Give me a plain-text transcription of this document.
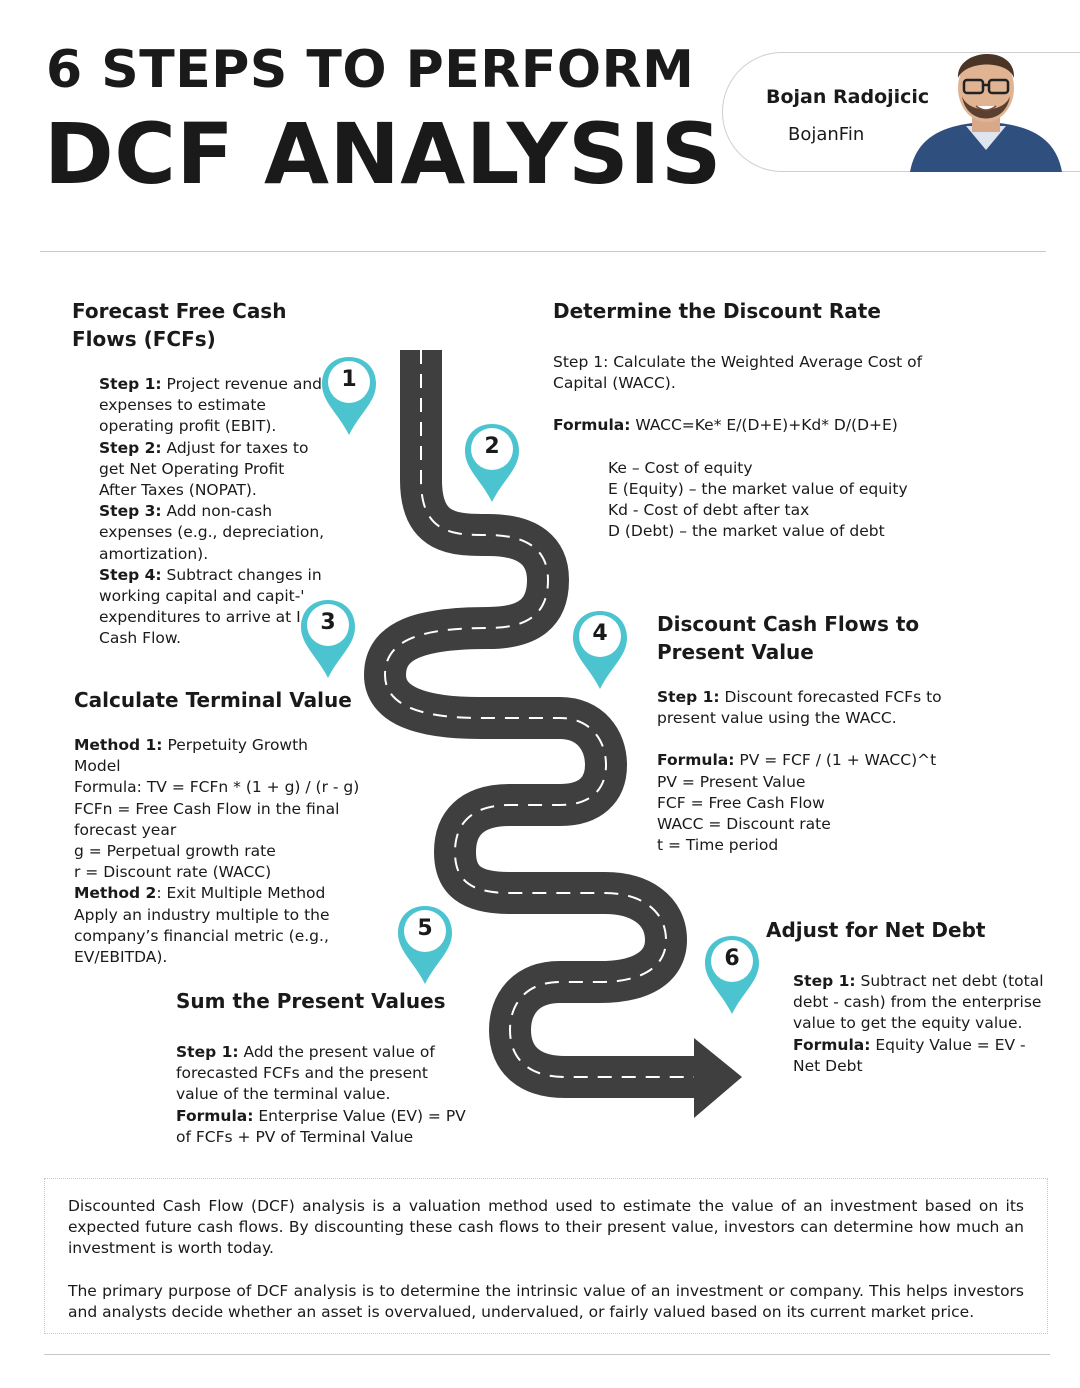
6 STEPS TO PERFORM
DCF ANALYSIS
Bojan Radojicic
BojanFin
1
2
3	4
5
6
Forecast Free Cash
Flows (FCFs)
Step 1: Project revenue and
expenses to estimate
operating profit (EBIT).
Step 2: Adjust for taxes to
get Net Operating Profit
After Taxes (NOPAT).
Step 3: Add non-cash
expenses (e.g., depreciation,
amortization).
Step 4: Subtract changes in
working capital and capit-'
expenditures to arrive at I
Cash Flow.
Determine the Discount Rate
Step 1: Calculate the Weighted Average Cost of
Capital (WACC).
Formula: WACC=Ke* E/(D+E)+Kd* D/(D+E)
Ke – Cost of equity
E (Equity) – the market value of equity
Kd - Cost of debt after tax
D (Debt) – the market value of debt
Calculate Terminal Value
Method 1: Perpetuity Growth
Model
Formula: TV = FCFn * (1 + g) / (r - g)
FCFn = Free Cash Flow in the final
forecast year
g = Perpetual growth rate
r = Discount rate (WACC)
Method 2: Exit Multiple Method
Apply an industry multiple to the
company’s financial metric (e.g.,
EV/EBITDA).
Discount Cash Flows to
Present Value
Step 1: Discount forecasted FCFs to
present value using the WACC.
Formula: PV = FCF / (1 + WACC)^t
PV = Present Value
FCF = Free Cash Flow
WACC = Discount rate
t = Time period
Sum the Present Values
Step 1: Add the present value of
forecasted FCFs and the present
value of the terminal value.
Formula: Enterprise Value (EV) = PV
of FCFs + PV of Terminal Value
Adjust for Net Debt
Step 1: Subtract net debt (total
debt - cash) from the enterprise
value to get the equity value.
Formula: Equity Value = EV -
Net Debt
Discounted Cash Flow (DCF) analysis is a valuation method used to estimate the value of an investment based on its expected future cash flows. By discounting these cash flows to their present value, investors can determine how much an investment is worth today.
The primary purpose of DCF analysis is to determine the intrinsic value of an investment or company. This helps investors and analysts decide whether an asset is overvalued, undervalued, or fairly valued based on its current market price.
